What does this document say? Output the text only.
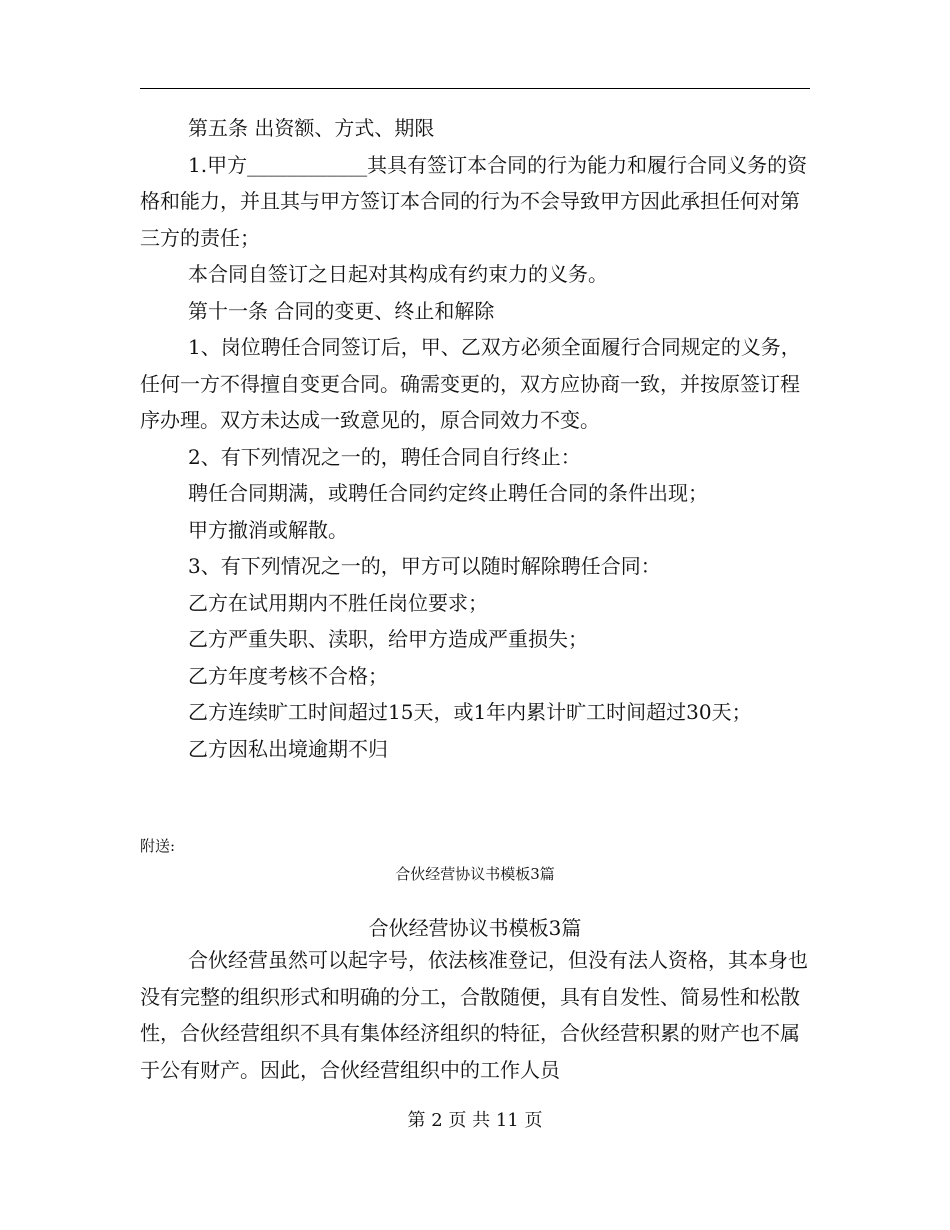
第五条 出资额、方式、期限

1.甲方____________其具有签订本合同的行为能力和履行合同义务的资格和能力，并且其与甲方签订本合同的行为不会导致甲方因此承担任何对第三方的责任；

本合同自签订之日起对其构成有约束力的义务。

第十一条 合同的变更、终止和解除

1、岗位聘任合同签订后，甲、乙双方必须全面履行合同规定的义务，任何一方不得擅自变更合同。确需变更的，双方应协商一致，并按原签订程序办理。双方未达成一致意见的，原合同效力不变。

2、有下列情况之一的，聘任合同自行终止：

聘任合同期满，或聘任合同约定终止聘任合同的条件出现；

甲方撤消或解散。

3、有下列情况之一的，甲方可以随时解除聘任合同：

乙方在试用期内不胜任岗位要求；

乙方严重失职、渎职，给甲方造成严重损失；

乙方年度考核不合格；

乙方连续旷工时间超过15天，或1年内累计旷工时间超过30天；

乙方因私出境逾期不归

附送:

合伙经营协议书模板3篇

合伙经营协议书模板3篇

合伙经营虽然可以起字号，依法核准登记，但没有法人资格，其本身也没有完整的组织形式和明确的分工，合散随便，具有自发性、简易性和松散性，合伙经营组织不具有集体经济组织的特征，合伙经营积累的财产也不属于公有财产。因此，合伙经营组织中的工作人员

第 2 页 共 11 页
